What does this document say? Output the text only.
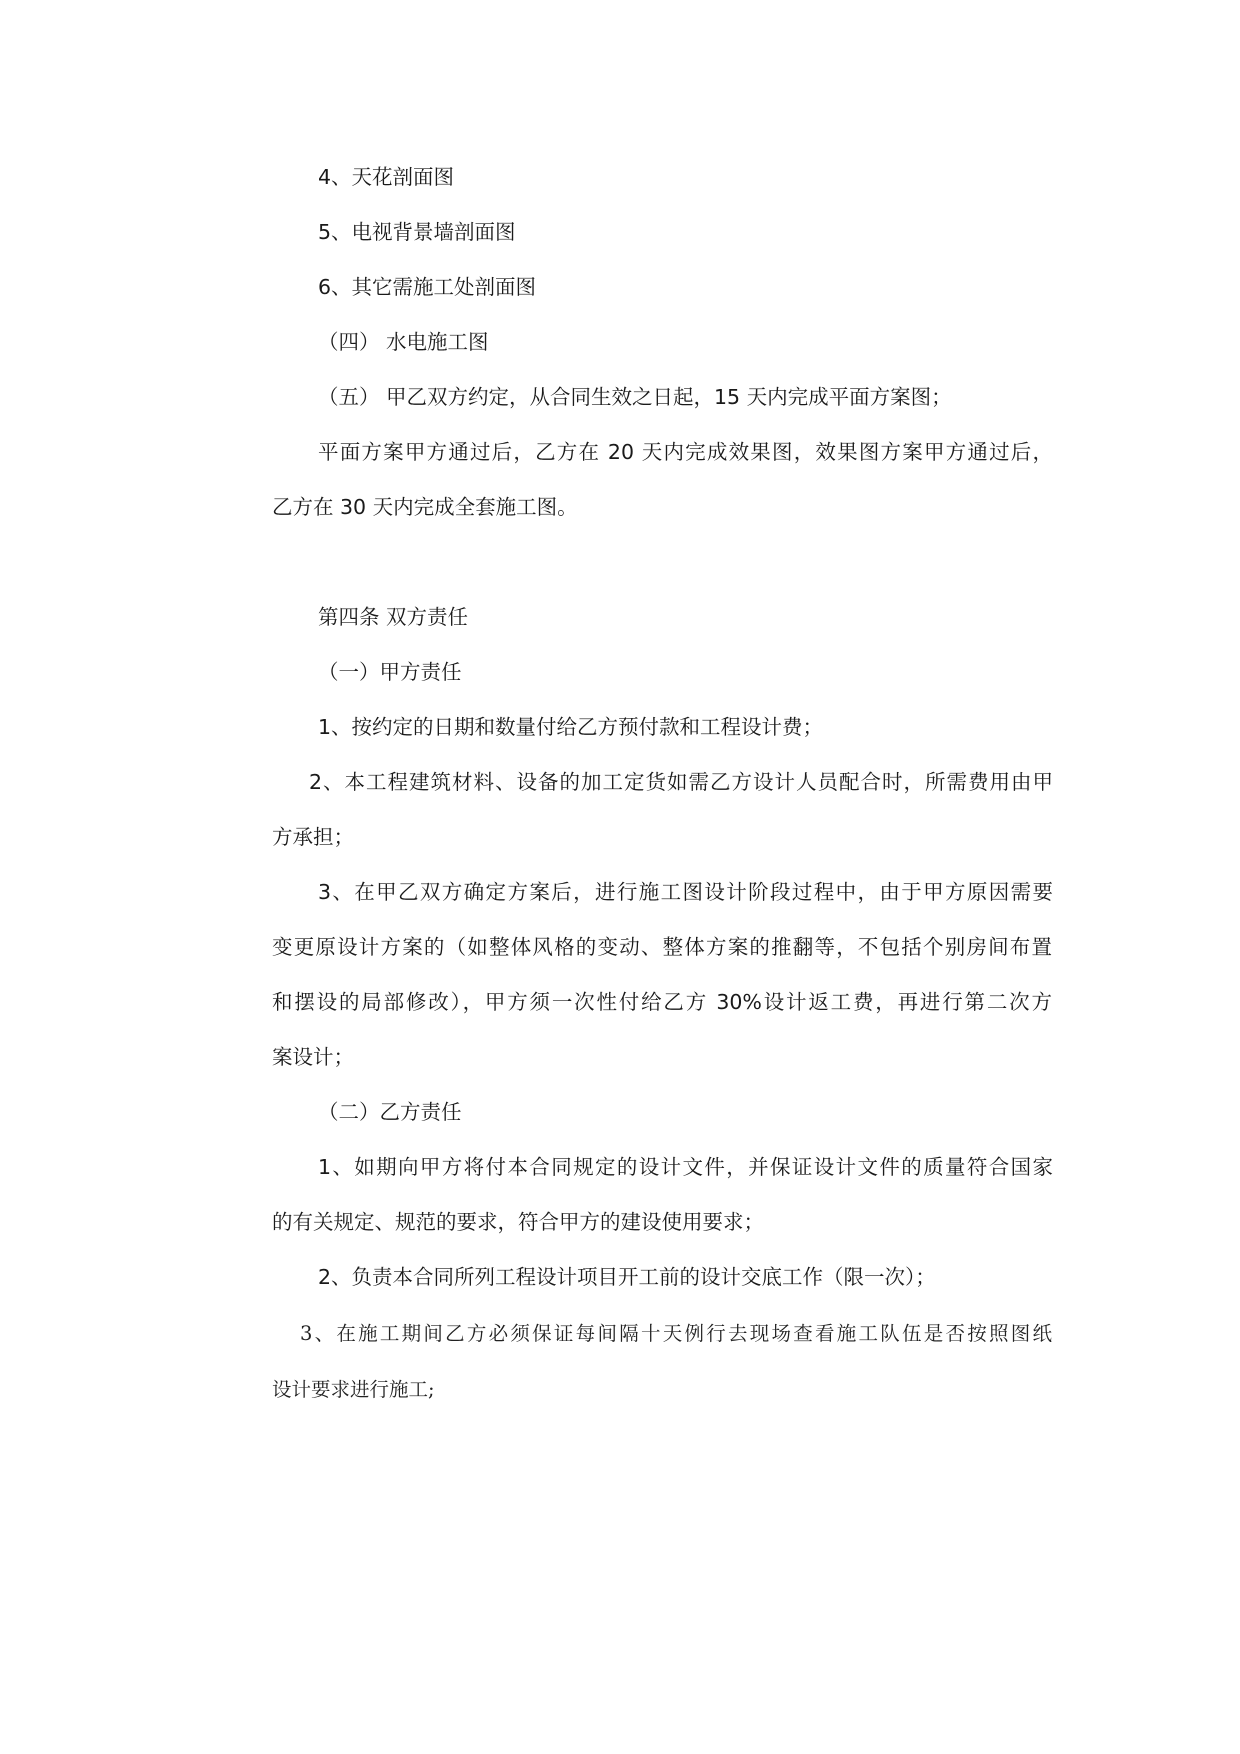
4、天花剖面图
5、电视背景墙剖面图
6、其它需施工处剖面图
（四） 水电施工图
（五） 甲乙双方约定，从合同生效之日起，15 天内完成平面方案图；
平面方案甲方通过后，乙方在 20 天内完成效果图，效果图方案甲方通过后，
乙方在 30 天内完成全套施工图。
第四条 双方责任
（一）甲方责任
1、按约定的日期和数量付给乙方预付款和工程设计费；
2、本工程建筑材料、设备的加工定货如需乙方设计人员配合时，所需费用由甲
方承担；
3、在甲乙双方确定方案后，进行施工图设计阶段过程中，由于甲方原因需要
变更原设计方案的（如整体风格的变动、整体方案的推翻等，不包括个别房间布置
和摆设的局部修改），甲方须一次性付给乙方 30%设计返工费，再进行第二次方
案设计；
（二）乙方责任
1、如期向甲方将付本合同规定的设计文件，并保证设计文件的质量符合国家
的有关规定、规范的要求，符合甲方的建设使用要求；
2、负责本合同所列工程设计项目开工前的设计交底工作（限一次）；
3、在施工期间乙方必须保证每间隔十天例行去现场查看施工队伍是否按照图纸
设计要求进行施工;
